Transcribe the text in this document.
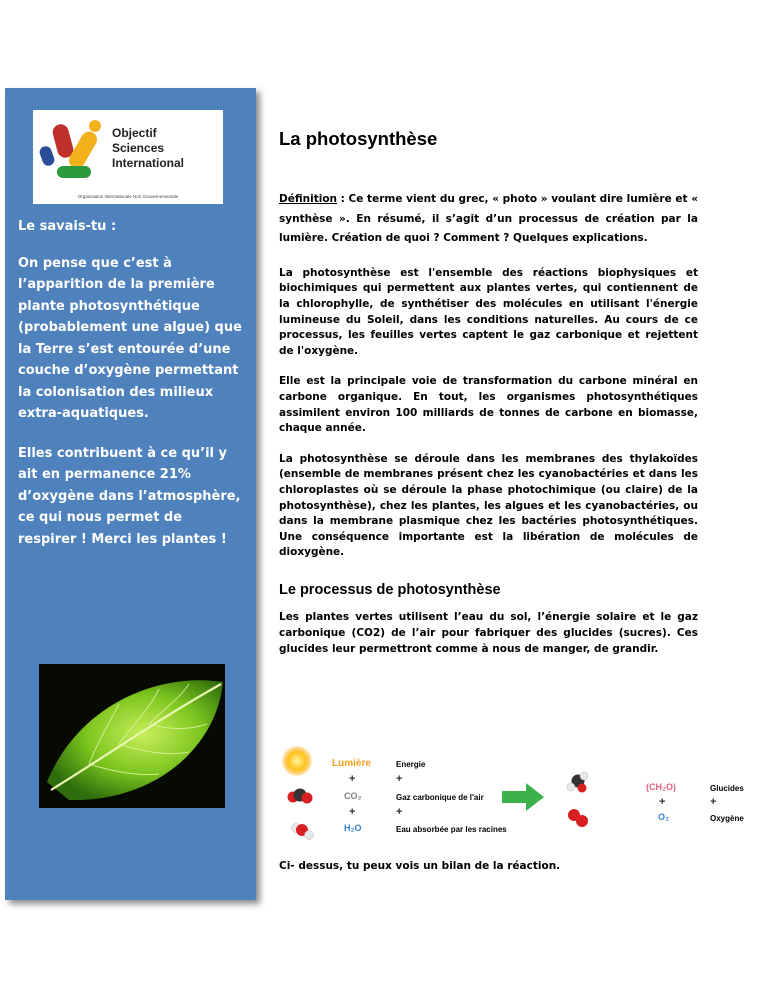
Objectif
Sciences
International
Organisation Internationale Non Gouvernementale

Le savais-tu :

On pense que c’est à l’apparition de la première plante photosynthétique (probablement une algue) que la Terre s’est entourée d’une couche d’oxygène permettant la colonisation des milieux extra-aquatiques.

Elles contribuent à ce qu’il y ait en permanence 21% d’oxygène dans l’atmosphère, ce qui nous permet de respirer ! Merci les plantes !

La photosynthèse

Définition : Ce terme vient du grec, « photo » voulant dire lumière et « synthèse ». En résumé, il s’agit d’un processus de création par la lumière. Création de quoi ? Comment ? Quelques explications.

La photosynthèse est l'ensemble des réactions biophysiques et biochimiques qui permettent aux plantes vertes, qui contiennent de la chlorophylle, de synthétiser des molécules en utilisant l'énergie lumineuse du Soleil, dans les conditions naturelles. Au cours de ce processus, les feuilles vertes captent le gaz carbonique et rejettent de l'oxygène.

Elle est la principale voie de transformation du carbone minéral en carbone organique. En tout, les organismes photosynthétiques assimilent environ 100 milliards de tonnes de carbone en biomasse, chaque année.

La photosynthèse se déroule dans les membranes des thylakoïdes (ensemble de membranes présent chez les cyanobactéries et dans les chloroplastes où se déroule la phase photochimique (ou claire) de la photosynthèse), chez les plantes, les algues et les cyanobactéries, ou dans la membrane plasmique chez les bactéries photosynthétiques. Une conséquence importante est la libération de molécules de dioxygène.

Le processus de photosynthèse

Les plantes vertes utilisent l’eau du sol, l’énergie solaire et le gaz carbonique (CO2) de l’air pour fabriquer des glucides (sucres). Ces glucides leur permettront comme à nous de manger, de grandir.

Lumière	Energie
+	+
CO₂	Gaz carbonique de l'air
+	+
H₂O	Eau absorbée par les racines
(CH₂O)	Glucides
+	+
O₂	Oxygène
Ci- dessus, tu peux vois un bilan de la réaction.
